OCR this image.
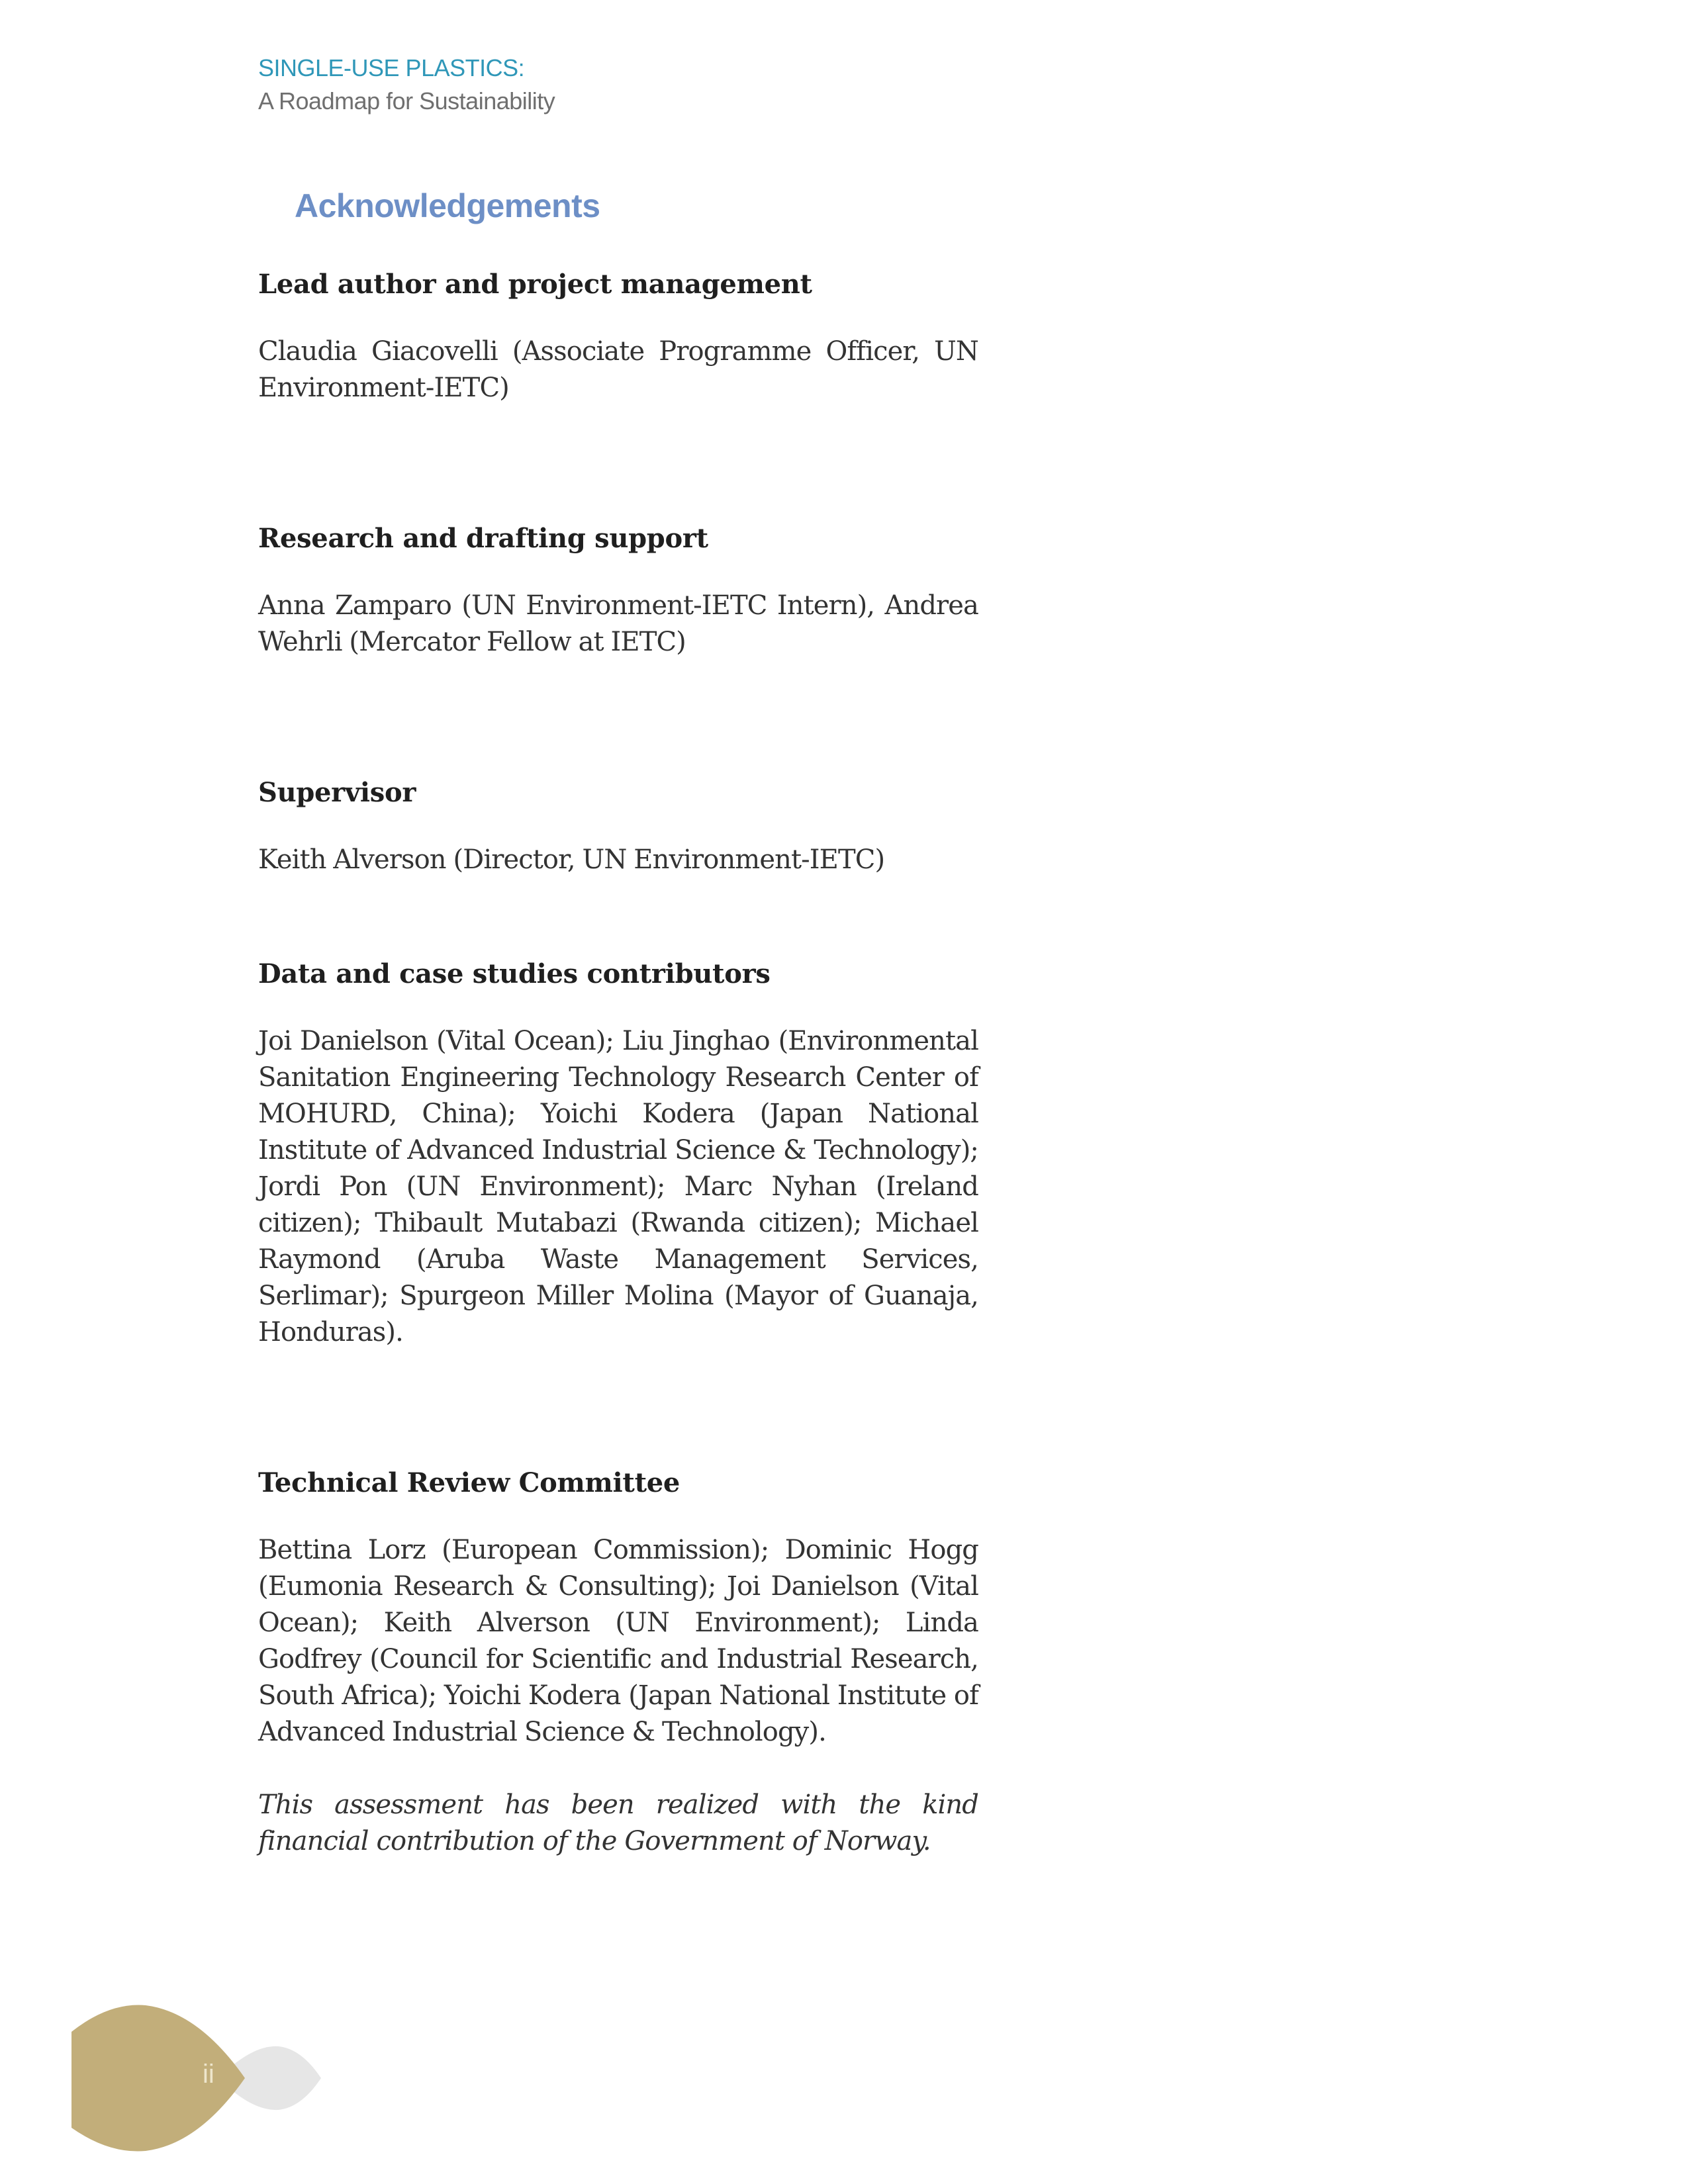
SINGLE-USE PLASTICS:
A Roadmap for Sustainability
Acknowledgements
Lead author and project management

Claudia Giacovelli (Associate Programme Officer, UN Environment-IETC)

Research and drafting support

Anna Zamparo (UN Environment-IETC Intern), Andrea Wehrli (Mercator Fellow at IETC)

Supervisor

Keith Alverson (Director, UN Environment-IETC)

Data and case studies contributors

Joi Danielson (Vital Ocean); Liu Jinghao (Environmental Sanitation Engineering Technology Research Center of MOHURD, China); Yoichi Kodera (Japan National Institute of Advanced Industrial Science & Technology); Jordi Pon (UN Environment); Marc Nyhan (Ireland citizen); Thibault Mutabazi (Rwanda citizen); Michael Raymond (Aruba Waste Management Services, Serlimar); Spurgeon Miller Molina (Mayor of Guanaja, Honduras).

Technical Review Committee

Bettina Lorz (European Commission); Dominic Hogg (Eumonia Research & Consulting); Joi Danielson (Vital Ocean); Keith Alverson (UN Environment); Linda Godfrey (Council for Scientific and Industrial Research, South Africa); Yoichi Kodera (Japan National Institute of Advanced Industrial Science & Technology).

This assessment has been realized with the kind financial contribution of the Government of Norway.

ii
